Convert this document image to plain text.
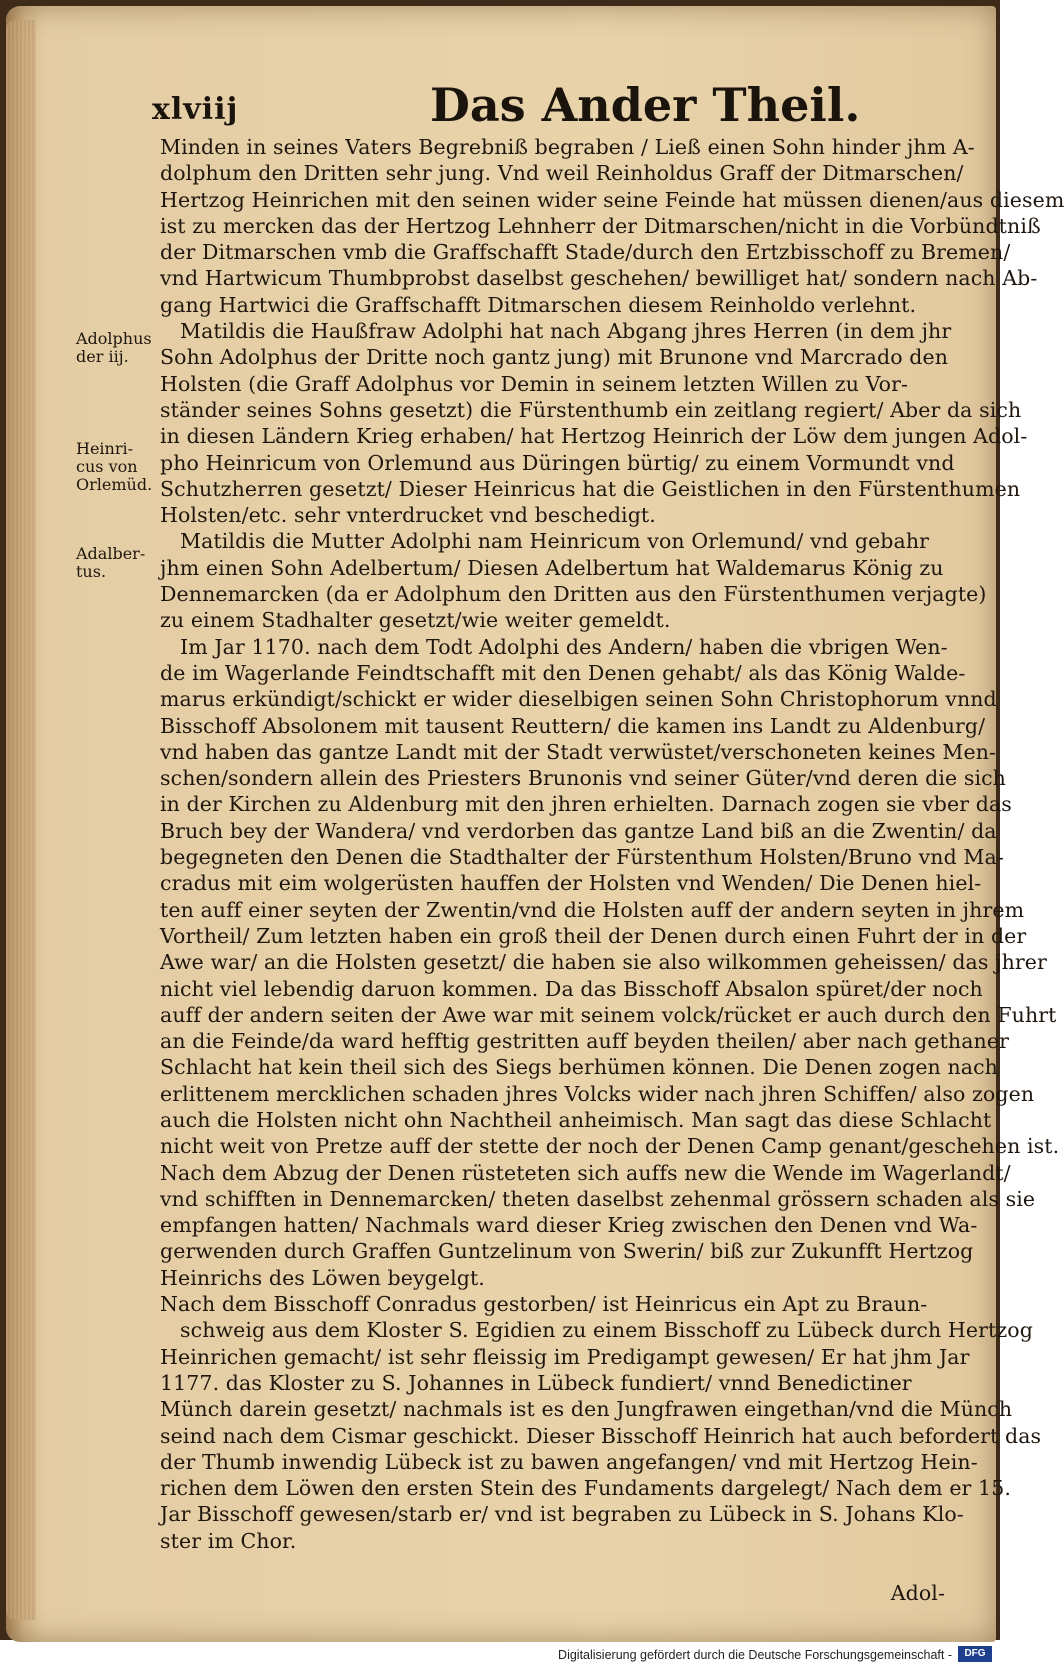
xlviij	Das Ander Theil.
Adolphus
der iij.
Heinri-
cus von
Orlemüd.
Adalber-
tus.
Minden in seines Vaters Begrebniß begraben / Ließ einen Sohn hinder jhm A-
dolphum den Dritten sehr jung. Vnd weil Reinholdus Graff der Ditmarschen/
Hertzog Heinrichen mit den seinen wider seine Feinde hat müssen dienen/aus diesem
ist zu mercken das der Hertzog Lehnherr der Ditmarschen/nicht in die Vorbündtniß
der Ditmarschen vmb die Graffschafft Stade/durch den Ertzbisschoff zu Bremen/
vnd Hartwicum Thumbprobst daselbst geschehen/ bewilliget hat/ sondern nach Ab-
gang Hartwici die Graffschafft Ditmarschen diesem Reinholdo verlehnt.
Matildis die Haußfraw Adolphi hat nach Abgang jhres Herren (in dem jhr
Sohn Adolphus der Dritte noch gantz jung) mit Brunone vnd Marcrado den
Holsten (die Graff Adolphus vor Demin in seinem letzten Willen zu Vor-
ständer seines Sohns gesetzt) die Fürstenthumb ein zeitlang regiert/ Aber da sich
in diesen Ländern Krieg erhaben/ hat Hertzog Heinrich der Löw dem jungen Adol-
pho Heinricum von Orlemund aus Düringen bürtig/ zu einem Vormundt vnd
Schutzherren gesetzt/ Dieser Heinricus hat die Geistlichen in den Fürstenthumen
Holsten/etc. sehr vnterdrucket vnd beschedigt.
Matildis die Mutter Adolphi nam Heinricum von Orlemund/ vnd gebahr
jhm einen Sohn Adelbertum/ Diesen Adelbertum hat Waldemarus König zu
Dennemarcken (da er Adolphum den Dritten aus den Fürstenthumen verjagte)
zu einem Stadhalter gesetzt/wie weiter gemeldt.
Im Jar 1170. nach dem Todt Adolphi des Andern/ haben die vbrigen Wen-
de im Wagerlande Feindtschafft mit den Denen gehabt/ als das König Walde-
marus erkündigt/schickt er wider dieselbigen seinen Sohn Christophorum vnnd
Bisschoff Absolonem mit tausent Reuttern/ die kamen ins Landt zu Aldenburg/
vnd haben das gantze Landt mit der Stadt verwüstet/verschoneten keines Men-
schen/sondern allein des Priesters Brunonis vnd seiner Güter/vnd deren die sich
in der Kirchen zu Aldenburg mit den jhren erhielten. Darnach zogen sie vber das
Bruch bey der Wandera/ vnd verdorben das gantze Land biß an die Zwentin/ da
begegneten den Denen die Stadthalter der Fürstenthum Holsten/Bruno vnd Ma-
cradus mit eim wolgerüsten hauffen der Holsten vnd Wenden/ Die Denen hiel-
ten auff einer seyten der Zwentin/vnd die Holsten auff der andern seyten in jhrem
Vortheil/ Zum letzten haben ein groß theil der Denen durch einen Fuhrt der in der
Awe war/ an die Holsten gesetzt/ die haben sie also wilkommen geheissen/ das jhrer
nicht viel lebendig daruon kommen. Da das Bisschoff Absalon spüret/der noch
auff der andern seiten der Awe war mit seinem volck/rücket er auch durch den Fuhrt
an die Feinde/da ward hefftig gestritten auff beyden theilen/ aber nach gethaner
Schlacht hat kein theil sich des Siegs berhümen können. Die Denen zogen nach
erlittenem mercklichen schaden jhres Volcks wider nach jhren Schiffen/ also zogen
auch die Holsten nicht ohn Nachtheil anheimisch. Man sagt das diese Schlacht
nicht weit von Pretze auff der stette der noch der Denen Camp genant/geschehen ist.
Nach dem Abzug der Denen rüsteteten sich auffs new die Wende im Wagerlandt/
vnd schifften in Dennemarcken/ theten daselbst zehenmal grössern schaden als sie
empfangen hatten/ Nachmals ward dieser Krieg zwischen den Denen vnd Wa-
gerwenden durch Graffen Guntzelinum von Swerin/ biß zur Zukunfft Hertzog
Heinrichs des Löwen beygelgt.
Nach dem Bisschoff Conradus gestorben/ ist Heinricus ein Apt zu Braun-
schweig aus dem Kloster S. Egidien zu einem Bisschoff zu Lübeck durch Hertzog
Heinrichen gemacht/ ist sehr fleissig im Predigampt gewesen/ Er hat jhm Jar
1177. das Kloster zu S. Johannes in Lübeck fundiert/ vnnd Benedictiner
Münch darein gesetzt/ nachmals ist es den Jungfrawen eingethan/vnd die Münch
seind nach dem Cismar geschickt. Dieser Bisschoff Heinrich hat auch befordert das
der Thumb inwendig Lübeck ist zu bawen angefangen/ vnd mit Hertzog Hein-
richen dem Löwen den ersten Stein des Fundaments dargelegt/ Nach dem er 15.
Jar Bisschoff gewesen/starb er/ vnd ist begraben zu Lübeck in S. Johans Klo-
ster im Chor.
Adol-
Digitalisierung gefördert durch die Deutsche Forschungsgemeinschaft -	DFG
